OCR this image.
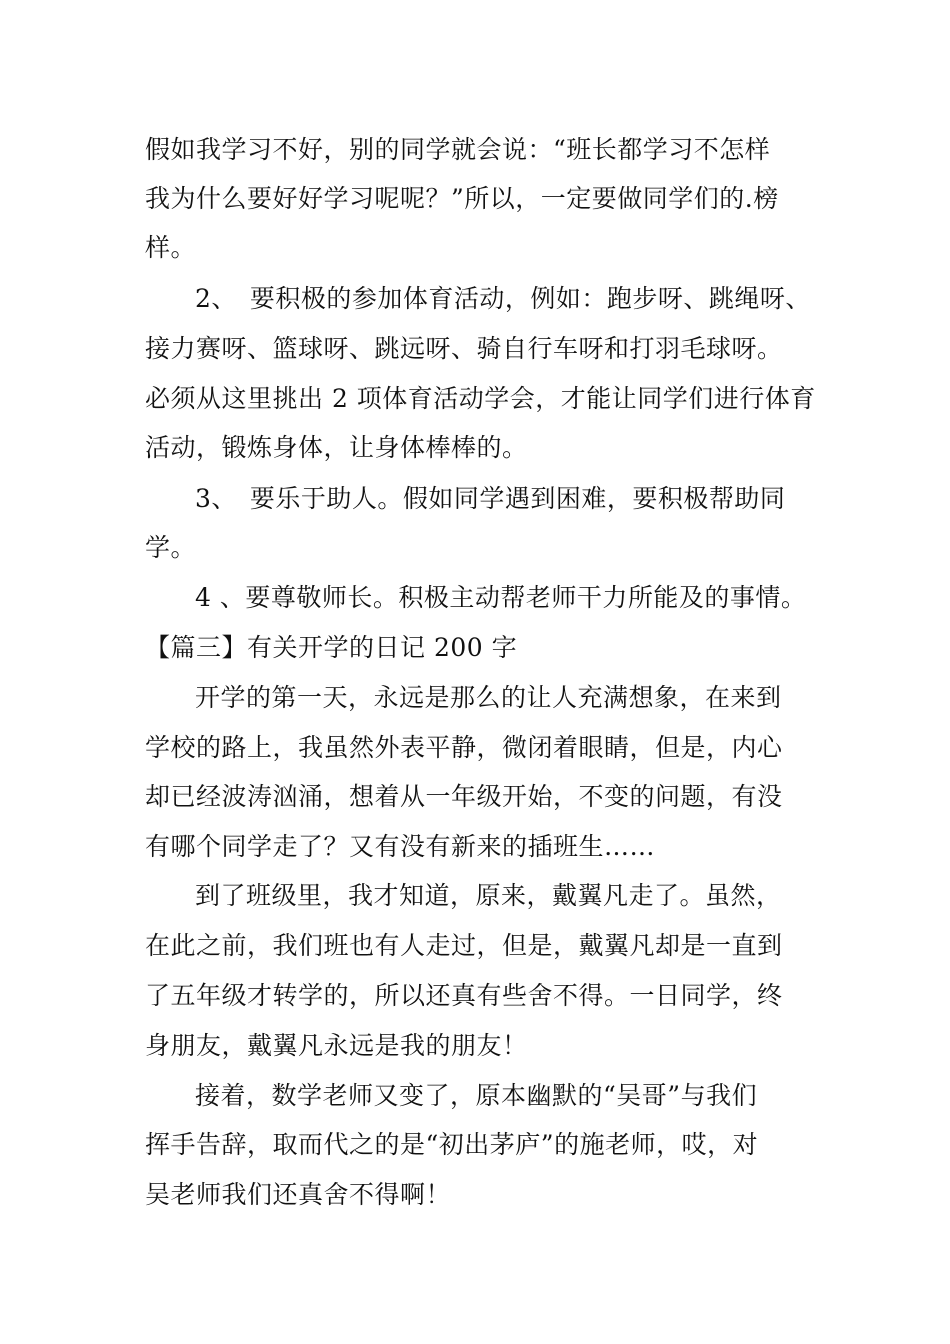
假如我学习不好，别的同学就会说：“班长都学习不怎样
我为什么要好好学习呢呢？”所以，一定要做同学们的.榜
样。
2、　要积极的参加体育活动，例如：跑步呀、跳绳呀、
接力赛呀、篮球呀、跳远呀、骑自行车呀和打羽毛球呀。
必须从这里挑出 2 项体育活动学会，才能让同学们进行体育
活动，锻炼身体，让身体棒棒的。
3、　要乐于助人。假如同学遇到困难，要积极帮助同
学。
4 、要尊敬师长。积极主动帮老师干力所能及的事情。
【篇三】有关开学的日记 200 字
开学的第一天，永远是那么的让人充满想象，在来到
学校的路上，我虽然外表平静，微闭着眼睛，但是，内心
却已经波涛汹涌，想着从一年级开始，不变的问题，有没
有哪个同学走了？又有没有新来的插班生……
到了班级里，我才知道，原来，戴翼凡走了。虽然，
在此之前，我们班也有人走过，但是，戴翼凡却是一直到
了五年级才转学的，所以还真有些舍不得。一日同学，终
身朋友，戴翼凡永远是我的朋友！
接着，数学老师又变了，原本幽默的“吴哥”与我们
挥手告辞，取而代之的是“初出茅庐”的施老师，哎，对
吴老师我们还真舍不得啊！
